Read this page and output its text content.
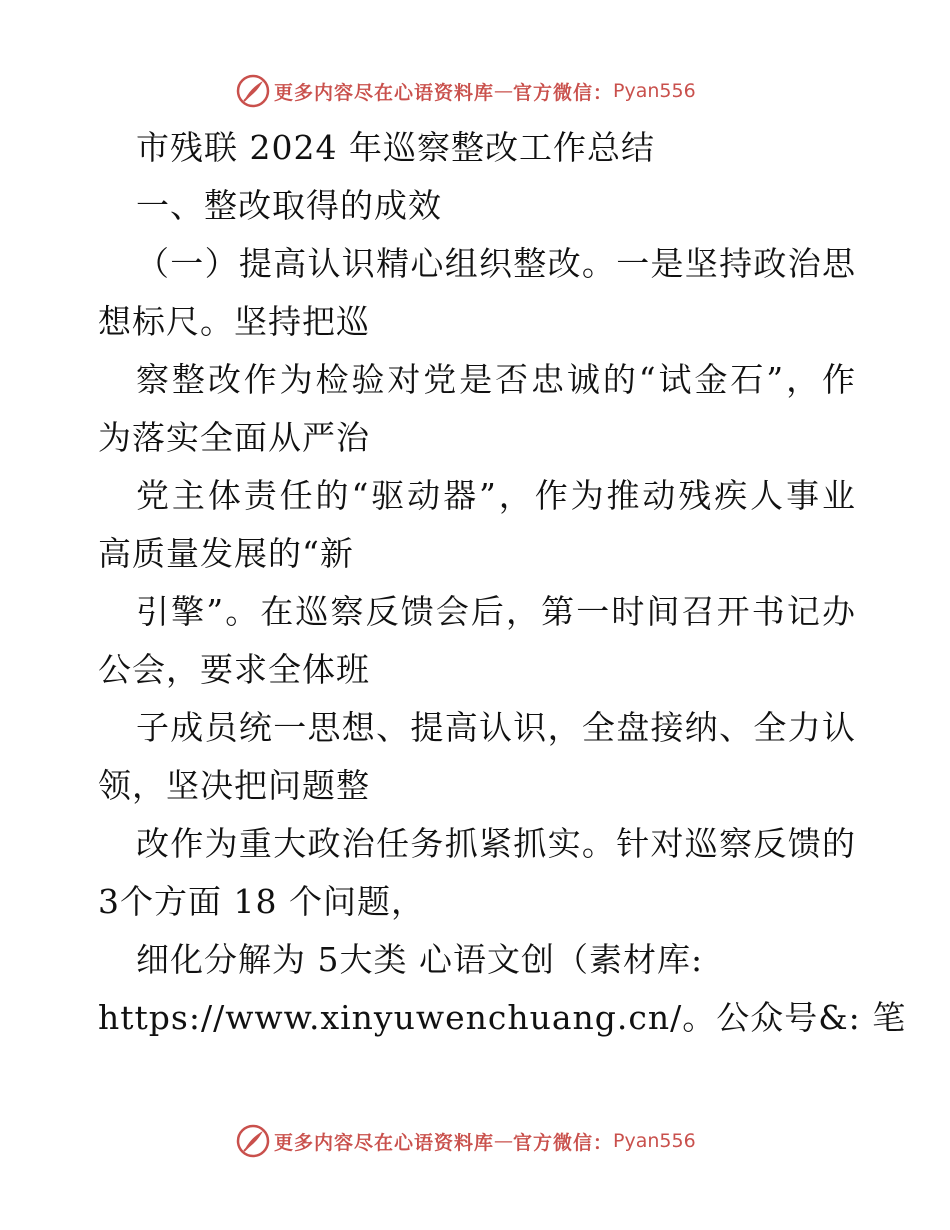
更多内容尽在心语资料库 — 官方微信： Pyan556
市残联 2024 年巡察整改工作总结
一、整改取得的成效
（一）提高认识精心组织整改。一是坚持政治思
想标尺。坚持把巡
察整改作为检验对党是否忠诚的“试金石”，作
为落实全面从严治
党主体责任的“驱动器”，作为推动残疾人事业
高质量发展的“新
引擎”。在巡察反馈会后，第一时间召开书记办
公会，要求全体班
子成员统一思想、提高认识，全盘接纳、全力认
领，坚决把问题整
改作为重大政治任务抓紧抓实。针对巡察反馈的
3个方面 18 个问题，
细化分解为 5大类 心语文创（素材库:
https://www.xinyuwenchuang.cn/。公众号&: 笔
更多内容尽在心语资料库 — 官方微信： Pyan556
